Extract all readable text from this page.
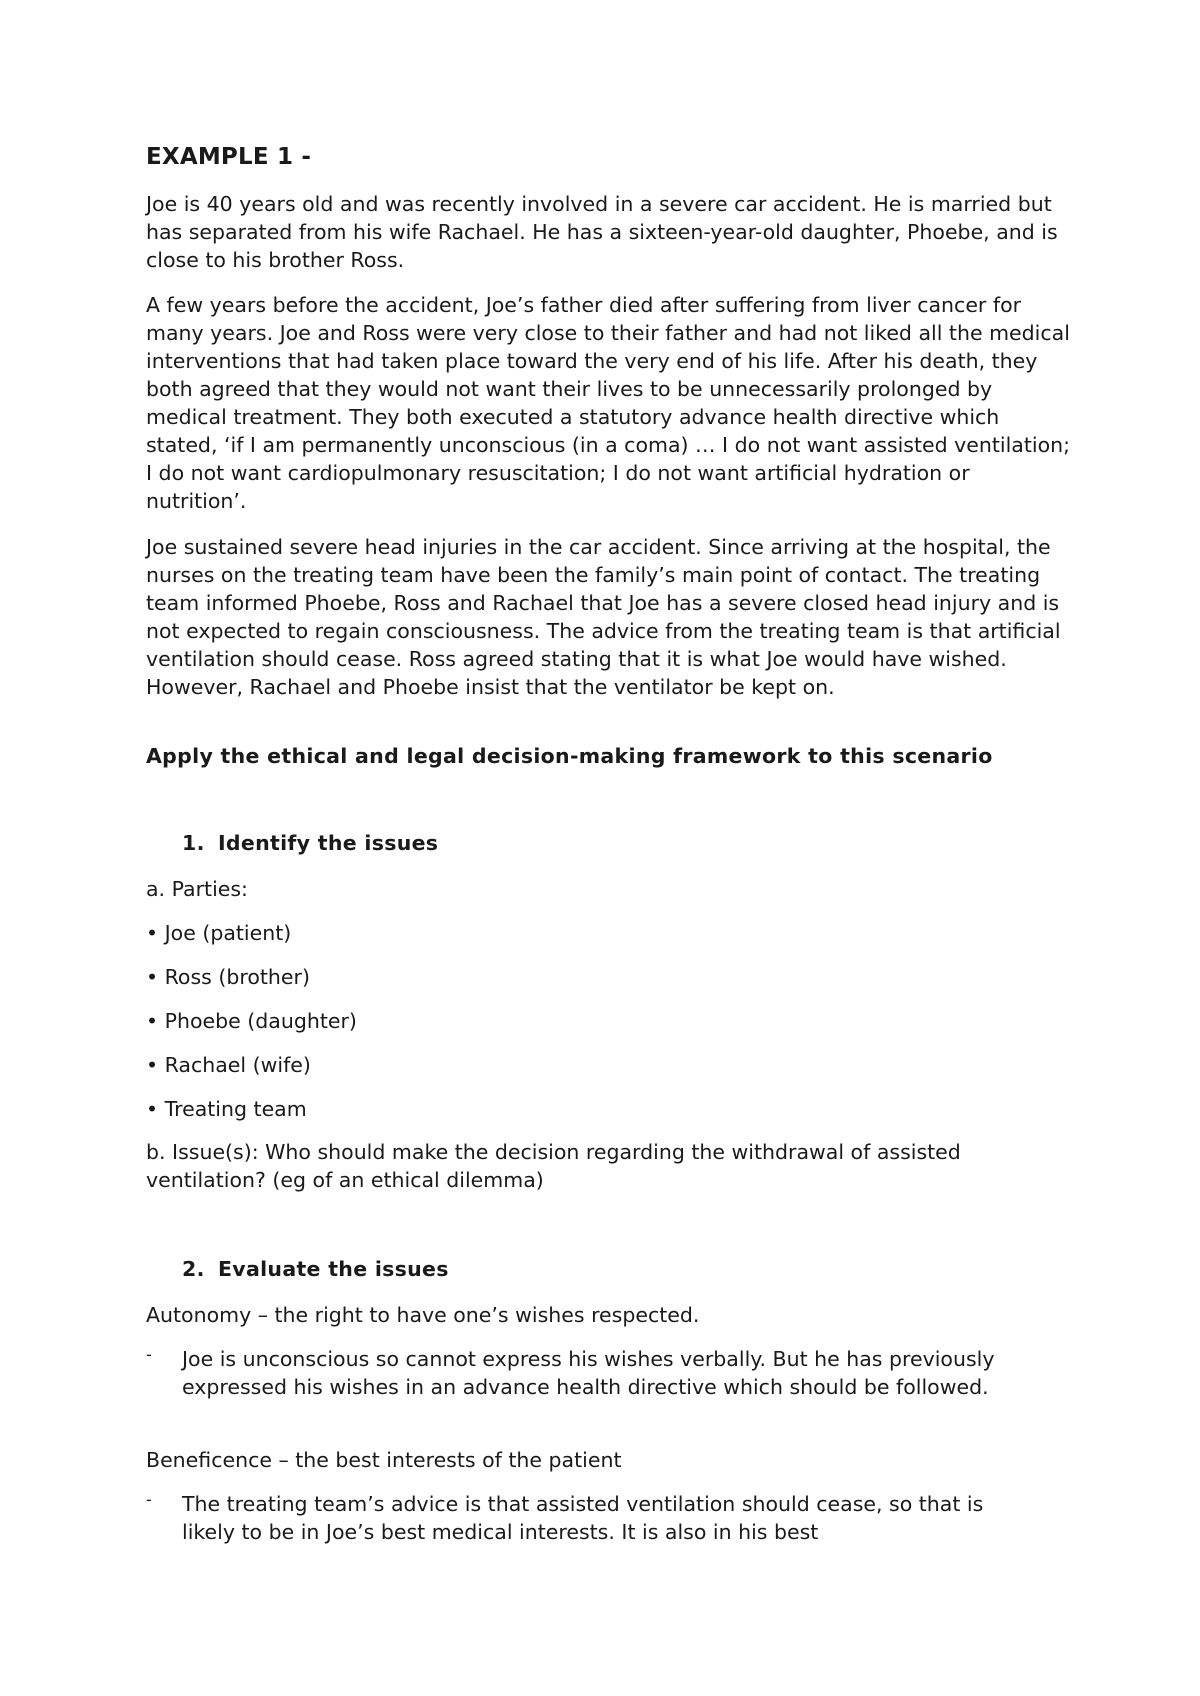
EXAMPLE 1 -

Joe is 40 years old and was recently involved in a severe car accident. He is married but has separated from his wife Rachael. He has a sixteen-year-old daughter, Phoebe, and is close to his brother Ross.

A few years before the accident, Joe’s father died after suffering from liver cancer for many years. Joe and Ross were very close to their father and had not liked all the medical interventions that had taken place toward the very end of his life. After his death, they both agreed that they would not want their lives to be unnecessarily prolonged by medical treatment. They both executed a statutory advance health directive which stated, ‘if I am permanently unconscious (in a coma) … I do not want assisted ventilation; I do not want cardiopulmonary resuscitation; I do not want artificial hydration or nutrition’.

Joe sustained severe head injuries in the car accident. Since arriving at the hospital, the nurses on the treating team have been the family’s main point of contact. The treating team informed Phoebe, Ross and Rachael that Joe has a severe closed head injury and is not expected to regain consciousness. The advice from the treating team is that artificial ventilation should cease. Ross agreed stating that it is what Joe would have wished. However, Rachael and Phoebe insist that the ventilator be kept on.

Apply the ethical and legal decision-making framework to this scenario

1. Identify the issues

a. Parties:

• Joe (patient)

• Ross (brother)

• Phoebe (daughter)

• Rachael (wife)

• Treating team

b. Issue(s): Who should make the decision regarding the withdrawal of assisted ventilation? (eg of an ethical dilemma)

2. Evaluate the issues

Autonomy – the right to have one’s wishes respected.

- Joe is unconscious so cannot express his wishes verbally. But he has previously expressed his wishes in an advance health directive which should be followed.

Beneficence – the best interests of the patient

- The treating team’s advice is that assisted ventilation should cease, so that is likely to be in Joe’s best medical interests. It is also in his best
